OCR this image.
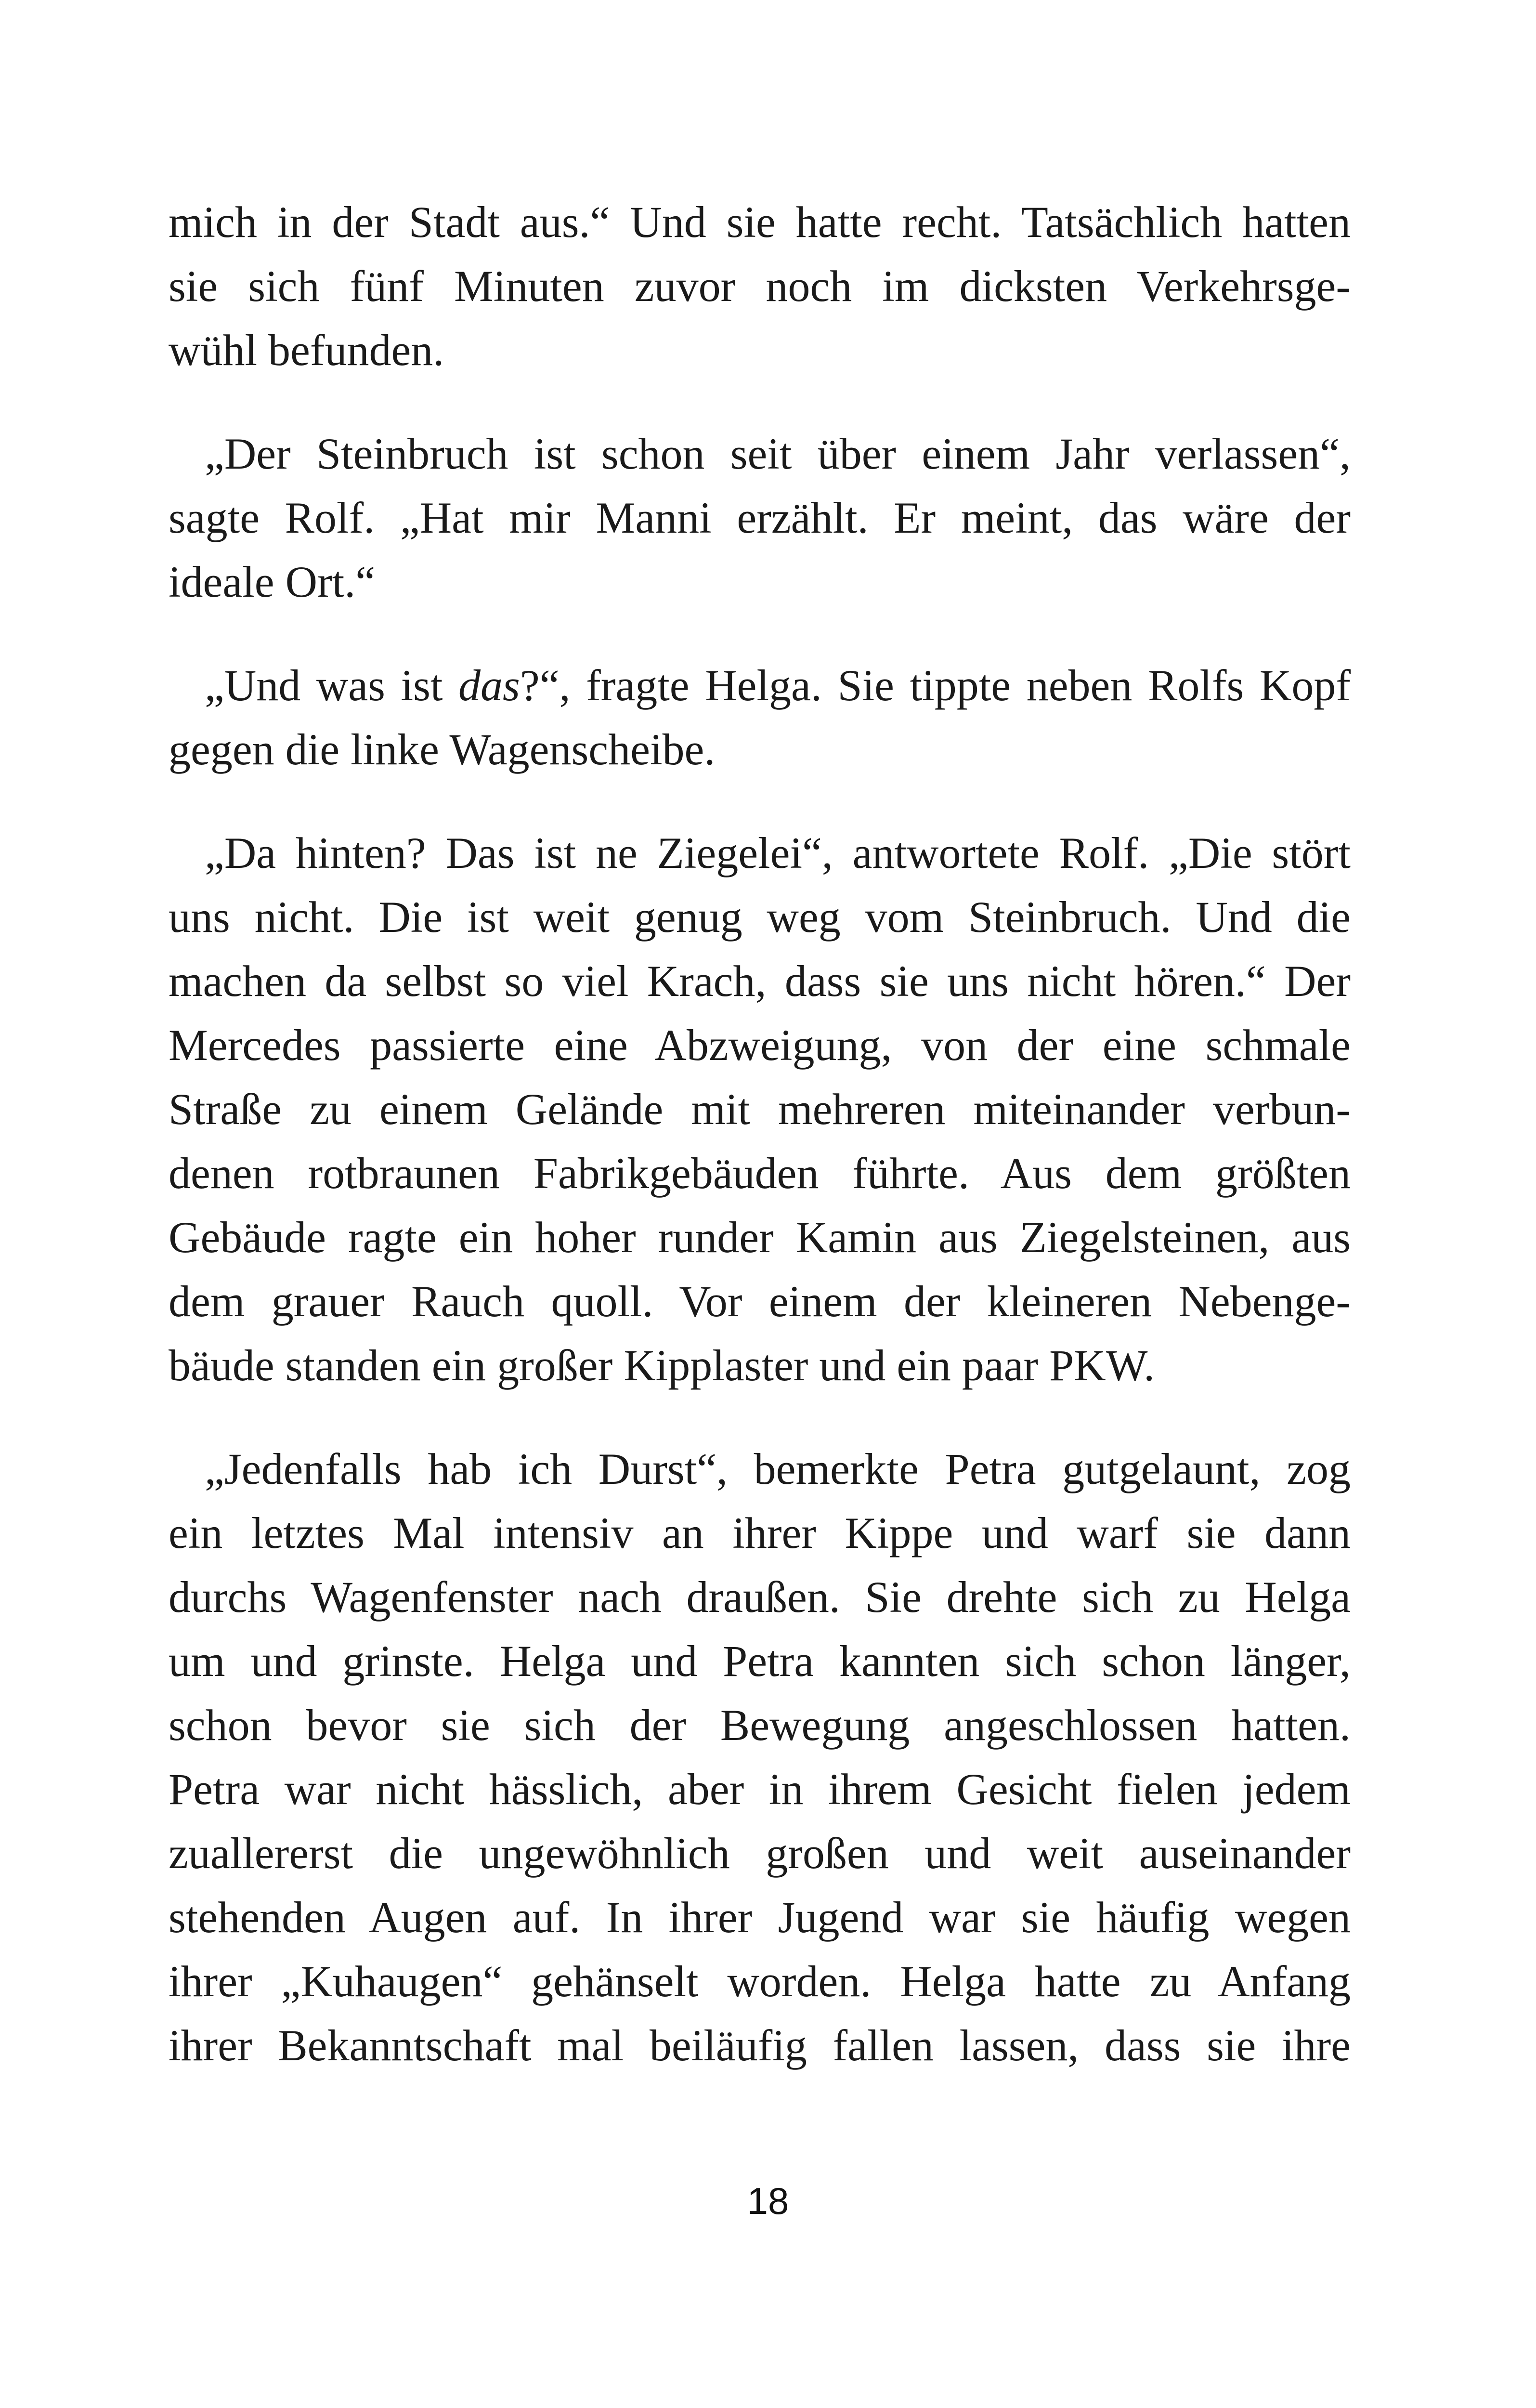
mich in der Stadt aus.“ Und sie hatte recht. Tatsächlich hatten
sie sich fünf Minuten zuvor noch im dicksten Verkehrsge-
wühl befunden.

„Der Steinbruch ist schon seit über einem Jahr verlassen“,
sagte Rolf. „Hat mir Manni erzählt. Er meint, das wäre der
ideale Ort.“

„Und was ist das?“, fragte Helga. Sie tippte neben Rolfs Kopf
gegen die linke Wagenscheibe.

„Da hinten? Das ist ne Ziegelei“, antwortete Rolf. „Die stört
uns nicht. Die ist weit genug weg vom Steinbruch. Und die
machen da selbst so viel Krach, dass sie uns nicht hören.“ Der
Mercedes passierte eine Abzweigung, von der eine schmale
Straße zu einem Gelände mit mehreren miteinander verbun-
denen rotbraunen Fabrikgebäuden führte. Aus dem größten
Gebäude ragte ein hoher runder Kamin aus Ziegelsteinen, aus
dem grauer Rauch quoll. Vor einem der kleineren Nebenge-
bäude standen ein großer Kipplaster und ein paar PKW.

„Jedenfalls hab ich Durst“, bemerkte Petra gutgelaunt, zog
ein letztes Mal intensiv an ihrer Kippe und warf sie dann
durchs Wagenfenster nach draußen. Sie drehte sich zu Helga
um und grinste. Helga und Petra kannten sich schon länger,
schon bevor sie sich der Bewegung angeschlossen hatten.
Petra war nicht hässlich, aber in ihrem Gesicht fielen jedem
zuallererst die ungewöhnlich großen und weit auseinander
stehenden Augen auf. In ihrer Jugend war sie häufig wegen
ihrer „Kuhaugen“ gehänselt worden. Helga hatte zu Anfang
ihrer Bekanntschaft mal beiläufig fallen lassen, dass sie ihre

18
